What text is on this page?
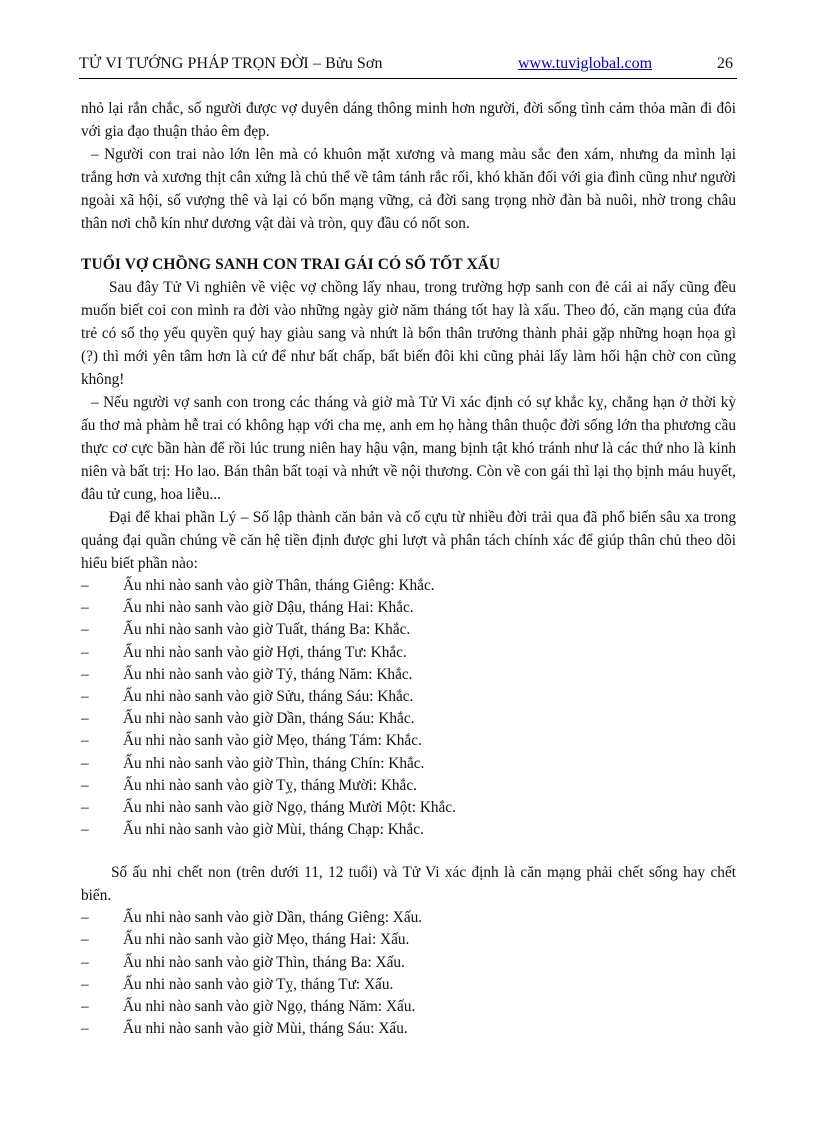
TỬ VI TƯỚNG PHÁP TRỌN ĐỜI – Bửu Sơn	www.tuviglobal.com	26

nhỏ lại rắn chắc, số người được vợ duyên dáng thông minh hơn người, đời sống tình cảm thỏa mãn đi đôi với gia đạo thuận thảo êm đẹp.

– Người con trai nào lớn lên mà có khuôn mặt xương và mang màu sắc đen xám, nhưng da mình lại trắng hơn và xương thịt cân xứng là chủ thể về tâm tánh rắc rối, khó khăn đối với gia đình cũng như người ngoài xã hội, số vượng thê và lại có bổn mạng vững, cả đời sang trọng nhờ đàn bà nuôi, nhờ trong châu thân nơi chỗ kín như dương vật dài và tròn, quy đầu có nốt son.

TUỔI VỢ CHỒNG SANH CON TRAI GÁI CÓ SỐ TỐT XẤU

Sau đây Tử Vi nghiên về việc vợ chồng lấy nhau, trong trường hợp sanh con đẻ cái ai nấy cũng đều muốn biết coi con mình ra đời vào những ngày giờ năm tháng tốt hay là xấu. Theo đó, căn mạng của đứa trẻ có số thọ yểu quyền quý hay giàu sang và nhứt là bổn thân trưởng thành phải gặp những hoạn họa gì (?) thì mới yên tâm hơn là cứ để như bất chấp, bất biến đôi khi cũng phải lấy làm hối hận chờ con cũng không!

– Nếu người vợ sanh con trong các tháng và giờ mà Tử Vi xác định có sự khắc kỵ, chẳng hạn ở thời kỳ ấu thơ mà phàm hễ trai có không hạp với cha mẹ, anh em họ hàng thân thuộc đời sống lớn tha phương cầu thực cơ cực bần hàn để rồi lúc trung niên hay hậu vận, mang bịnh tật khó tránh như là các thứ nho là kinh niên và bất trị: Ho lao. Bán thân bất toại và nhứt về nội thương. Còn về con gái thì lại thọ bịnh máu huyết, đâu tử cung, hoa liễu...

Đại để khai phần Lý – Số lập thành căn bản và cố cựu từ nhiều đời trải qua đã phổ biến sâu xa trong quảng đại quần chúng về căn hệ tiền định được ghi lượt và phân tách chính xác để giúp thân chủ theo dõi hiểu biết phần nào:

– Ấu nhi nào sanh vào giờ Thân, tháng Giêng: Khắc.
– Ấu nhi nào sanh vào giờ Dậu, tháng Hai: Khắc.
– Ấu nhi nào sanh vào giờ Tuất, tháng Ba: Khắc.
– Ấu nhi nào sanh vào giờ Hợi, tháng Tư: Khắc.
– Ấu nhi nào sanh vào giờ Tý, tháng Năm: Khắc.
– Ấu nhi nào sanh vào giờ Sửu, tháng Sáu: Khắc.
– Ấu nhi nào sanh vào giờ Dần, tháng Sáu: Khắc.
– Ấu nhi nào sanh vào giờ Mẹo, tháng Tám: Khắc.
– Ấu nhi nào sanh vào giờ Thìn, tháng Chín: Khắc.
– Ấu nhi nào sanh vào giờ Tỵ, tháng Mười: Khắc.
– Ấu nhi nào sanh vào giờ Ngọ, tháng Mười Một: Khắc.
– Ấu nhi nào sanh vào giờ Mùi, tháng Chạp: Khắc.

Số ấu nhi chết non (trên dưới 11, 12 tuổi) và Tử Vi xác định là căn mạng phải chết sống hay chết biển.

– Ấu nhi nào sanh vào giờ Dần, tháng Giêng: Xấu.
– Ấu nhi nào sanh vào giờ Mẹo, tháng Hai: Xấu.
– Ấu nhi nào sanh vào giờ Thìn, tháng Ba: Xấu.
– Ấu nhi nào sanh vào giờ Tỵ, tháng Tư: Xấu.
– Ấu nhi nào sanh vào giờ Ngọ, tháng Năm: Xấu.
– Ấu nhi nào sanh vào giờ Mùi, tháng Sáu: Xấu.
